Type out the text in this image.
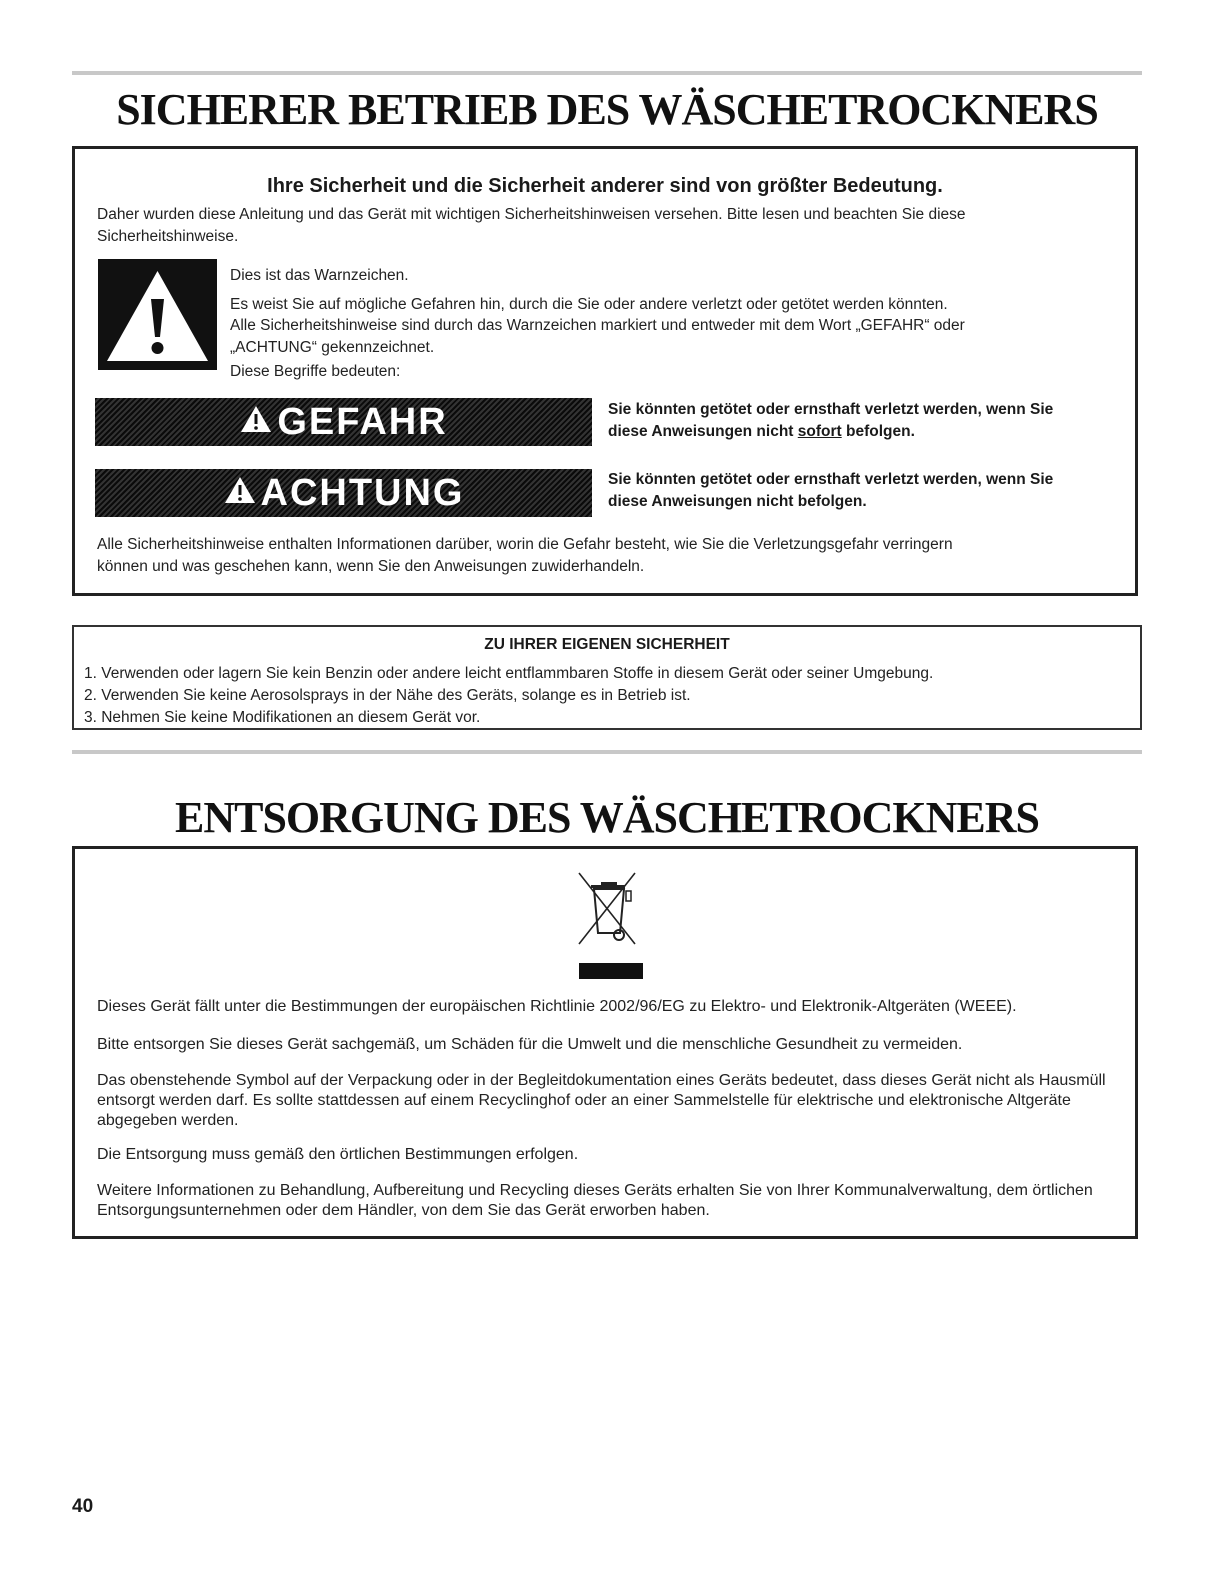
SICHERER BETRIEB DES WÄSCHETROCKNERS
Ihre Sicherheit und die Sicherheit anderer sind von größter Bedeutung.

Daher wurden diese Anleitung und das Gerät mit wichtigen Sicherheitshinweisen versehen. Bitte lesen und beachten Sie diese

Sicherheitshinweise.

Dies ist das Warnzeichen.

Es weist Sie auf mögliche Gefahren hin, durch die Sie oder andere verletzt oder getötet werden könnten.

Alle Sicherheitshinweise sind durch das Warnzeichen markiert und entweder mit dem Wort „GEFAHR“ oder

„ACHTUNG“ gekennzeichnet.

Diese Begriffe bedeuten:

GEFAHR	Sie könnten getötet oder ernsthaft verletzt werden, wenn Sie
diese Anweisungen nicht sofort befolgen.

ACHTUNG	Sie könnten getötet oder ernsthaft verletzt werden, wenn Sie
diese Anweisungen nicht befolgen.

Alle Sicherheitshinweise enthalten Informationen darüber, worin die Gefahr besteht, wie Sie die Verletzungsgefahr verringern

können und was geschehen kann, wenn Sie den Anweisungen zuwiderhandeln.

ZU IHRER EIGENEN SICHERHEIT
1. Verwenden oder lagern Sie kein Benzin oder andere leicht entflammbaren Stoffe in diesem Gerät oder seiner Umgebung.
2. Verwenden Sie keine Aerosolsprays in der Nähe des Geräts, solange es in Betrieb ist.
3. Nehmen Sie keine Modifikationen an diesem Gerät vor.
ENTSORGUNG DES WÄSCHETROCKNERS

Dieses Gerät fällt unter die Bestimmungen der europäischen Richtlinie 2002/96/EG zu Elektro- und Elektronik-Altgeräten (WEEE).

Bitte entsorgen Sie dieses Gerät sachgemäß, um Schäden für die Umwelt und die menschliche Gesundheit zu vermeiden.

Das obenstehende Symbol auf der Verpackung oder in der Begleitdokumentation eines Geräts bedeutet, dass dieses Gerät nicht als Hausmüll entsorgt werden darf. Es sollte stattdessen auf einem Recyclinghof oder an einer Sammelstelle für elektrische und elektronische Altgeräte abgegeben werden.

Die Entsorgung muss gemäß den örtlichen Bestimmungen erfolgen.

Weitere Informationen zu Behandlung, Aufbereitung und Recycling dieses Geräts erhalten Sie von Ihrer Kommunalverwaltung, dem örtlichen Entsorgungsunternehmen oder dem Händler, von dem Sie das Gerät erworben haben.

40
